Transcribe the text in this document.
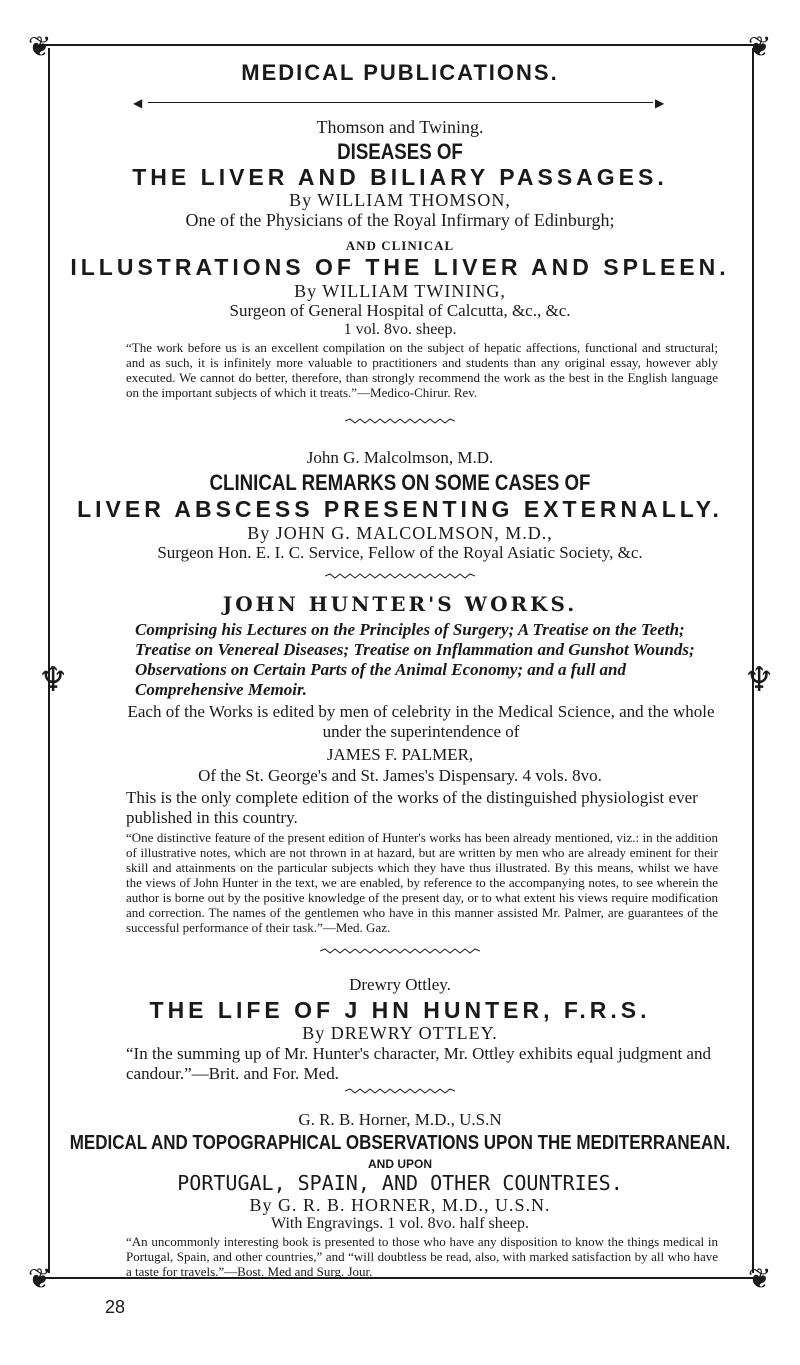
❦	❦
❦	❦
♆	♆
MEDICAL PUBLICATIONS.
◀	▶
Thomson and Twining.
DISEASES OF
THE LIVER AND BILIARY PASSAGES.
By WILLIAM THOMSON,
One of the Physicians of the Royal Infirmary of Edinburgh;
AND CLINICAL
ILLUSTRATIONS OF THE LIVER AND SPLEEN.
By WILLIAM TWINING,
Surgeon of General Hospital of Calcutta, &c., &c.
1 vol. 8vo. sheep.
“The work before us is an excellent compilation on the subject of hepatic affections, functional and structural; and as such, it is infinitely more valuable to practitioners and students than any original essay, however ably executed. We cannot do better, therefore, than strongly recommend the work as the best in the English language on the important subjects of which it treats.”—Medico-Chirur. Rev.
John G. Malcolmson, M.D.
CLINICAL REMARKS ON SOME CASES OF
LIVER ABSCESS PRESENTING EXTERNALLY.
By JOHN G. MALCOLMSON, M.D.,
Surgeon Hon. E. I. C. Service, Fellow of the Royal Asiatic Society, &c.
JOHN HUNTER'S WORKS.
Comprising his Lectures on the Principles of Surgery; A Treatise on the Teeth; Treatise on Venereal Diseases; Treatise on Inflammation and Gunshot Wounds; Observations on Certain Parts of the Animal Economy; and a full and Comprehensive Memoir.
Each of the Works is edited by men of celebrity in the Medical Science, and the whole under the superintendence of
JAMES F. PALMER,
Of the St. George's and St. James's Dispensary. 4 vols. 8vo.
This is the only complete edition of the works of the distinguished physiologist ever published in this country.
“One distinctive feature of the present edition of Hunter's works has been already mentioned, viz.: in the addition of illustrative notes, which are not thrown in at hazard, but are written by men who are already eminent for their skill and attainments on the particular subjects which they have thus illustrated. By this means, whilst we have the views of John Hunter in the text, we are enabled, by reference to the accompanying notes, to see wherein the author is borne out by the positive knowledge of the present day, or to what extent his views require modification and correction. The names of the gentlemen who have in this manner assisted Mr. Palmer, are guarantees of the successful performance of their task.”—Med. Gaz.
Drewry Ottley.
THE LIFE OF J HN HUNTER, F.R.S.
By DREWRY OTTLEY.
“In the summing up of Mr. Hunter's character, Mr. Ottley exhibits equal judgment and candour.”—Brit. and For. Med.
G. R. B. Horner, M.D., U.S.N
MEDICAL AND TOPOGRAPHICAL OBSERVATIONS UPON THE MEDITERRANEAN.
AND UPON
PORTUGAL, SPAIN, AND OTHER COUNTRIES.
By G. R. B. HORNER, M.D., U.S.N.
With Engravings. 1 vol. 8vo. half sheep.
“An uncommonly interesting book is presented to those who have any disposition to know the things medical in Portugal, Spain, and other countries,” and “will doubtless be read, also, with marked satisfaction by all who have a taste for travels.”—Bost. Med and Surg. Jour.
28
